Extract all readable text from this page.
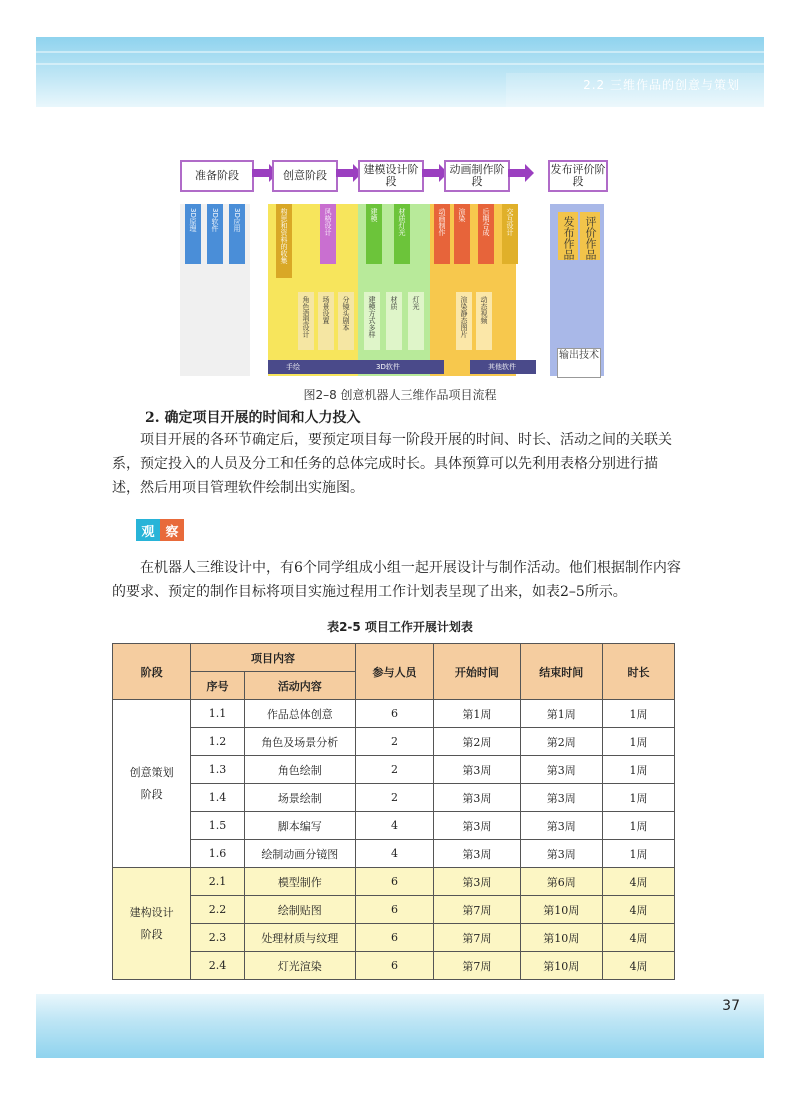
2.2 三维作品的创意与策划
准备阶段	创意阶段	建模设计阶段
动画制作阶段
发布评价阶段
3D原理	3D软件	3D应用	构思和资料的收集	风格设计
角色造型设计	场景设置	分镜头剧本
建模	材质灯光
建模方式多样	材质	灯光
动画制作	渲染	后期合成	交互设计
渲染静态图片	动态视频
发布作品 评价作品
输出技术
手绘	3D软件	其他软件
图2–8 创意机器人三维作品项目流程
2. 确定项目开展的时间和人力投入
项目开展的各环节确定后，要预定项目每一阶段开展的时间、时长、活动之间的关联关系，预定投入的人员及分工和任务的总体完成时长。具体预算可以先利用表格分别进行描述，然后用项目管理软件绘制出实施图。
观 察
在机器人三维设计中，有6个同学组成小组一起开展设计与制作活动。他们根据制作内容的要求、预定的制作目标将项目实施过程用工作计划表呈现了出来，如表2–5所示。
表2-5 项目工作开展计划表
阶段	项目内容		参与人员	开始时间	结束时间	时长
	序号	活动内容				
创意策划阶段	1.1	作品总体创意	6	第1周	第1周	1周
	1.2	角色及场景分析	2	第2周	第2周	1周
	1.3	角色绘制	2	第3周	第3周	1周
	1.4	场景绘制	2	第3周	第3周	1周
	1.5	脚本编写	4	第3周	第3周	1周
	1.6	绘制动画分镜图	4	第3周	第3周	1周
建构设计阶段	2.1	模型制作	6	第3周	第6周	4周
	2.2	绘制贴图	6	第7周	第10周	4周
	2.3	处理材质与纹理	6	第7周	第10周	4周
	2.4	灯光渲染	6	第7周	第10周	4周
37
